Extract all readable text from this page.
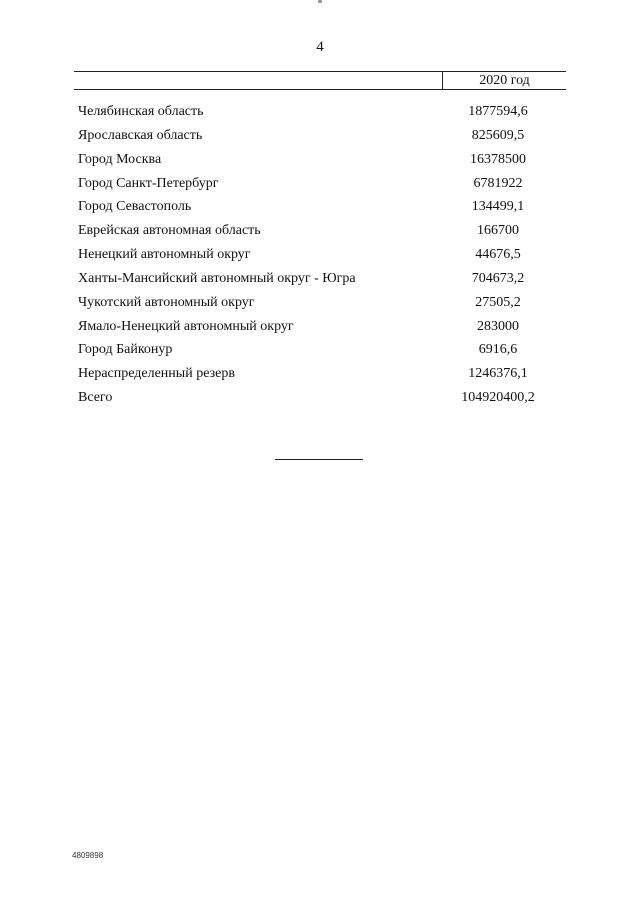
4
2020 год
Челябинская область	1877594,6
Ярославская область	825609,5
Город Москва	16378500
Город Санкт-Петербург	6781922
Город Севастополь	134499,1
Еврейская автономная область	166700
Ненецкий автономный округ	44676,5
Ханты-Мансийский автономный округ - Югра	704673,2
Чукотский автономный округ	27505,2
Ямало-Ненецкий автономный округ	283000
Город Байконур	6916,6
Нераспределенный резерв	1246376,1
Всего	104920400,2
4809898
